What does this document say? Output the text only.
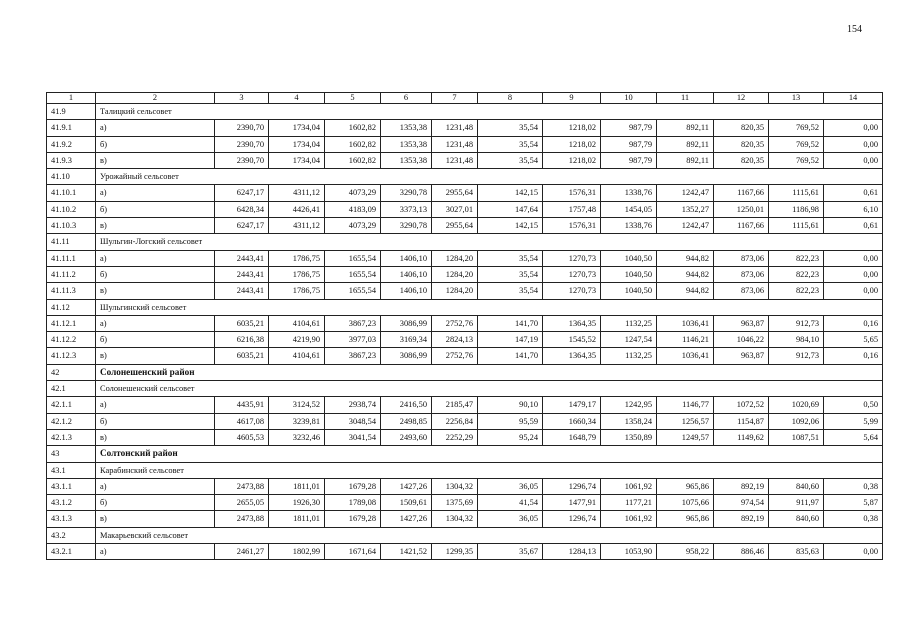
154
1	2	3	4	5	6	7	8	9	10	11	12	13	14
41.9	Талицкий сельсовет												
41.9.1	а)	2390,70	1734,04	1602,82	1353,38	1231,48	35,54	1218,02	987,79	892,11	820,35	769,52	0,00
41.9.2	б)	2390,70	1734,04	1602,82	1353,38	1231,48	35,54	1218,02	987,79	892,11	820,35	769,52	0,00
41.9.3	в)	2390,70	1734,04	1602,82	1353,38	1231,48	35,54	1218,02	987,79	892,11	820,35	769,52	0,00
41.10	Урожайный сельсовет												
41.10.1	а)	6247,17	4311,12	4073,29	3290,78	2955,64	142,15	1576,31	1338,76	1242,47	1167,66	1115,61	0,61
41.10.2	б)	6428,34	4426,41	4183,09	3373,13	3027,01	147,64	1757,48	1454,05	1352,27	1250,01	1186,98	6,10
41.10.3	в)	6247,17	4311,12	4073,29	3290,78	2955,64	142,15	1576,31	1338,76	1242,47	1167,66	1115,61	0,61
41.11	Шульгин-Логский сельсовет												
41.11.1	а)	2443,41	1786,75	1655,54	1406,10	1284,20	35,54	1270,73	1040,50	944,82	873,06	822,23	0,00
41.11.2	б)	2443,41	1786,75	1655,54	1406,10	1284,20	35,54	1270,73	1040,50	944,82	873,06	822,23	0,00
41.11.3	в)	2443,41	1786,75	1655,54	1406,10	1284,20	35,54	1270,73	1040,50	944,82	873,06	822,23	0,00
41.12	Шульгинский сельсовет												
41.12.1	а)	6035,21	4104,61	3867,23	3086,99	2752,76	141,70	1364,35	1132,25	1036,41	963,87	912,73	0,16
41.12.2	б)	6216,38	4219,90	3977,03	3169,34	2824,13	147,19	1545,52	1247,54	1146,21	1046,22	984,10	5,65
41.12.3	в)	6035,21	4104,61	3867,23	3086,99	2752,76	141,70	1364,35	1132,25	1036,41	963,87	912,73	0,16
42	Солонешенский район												
42.1	Солонешенский сельсовет												
42.1.1	а)	4435,91	3124,52	2938,74	2416,50	2185,47	90,10	1479,17	1242,95	1146,77	1072,52	1020,69	0,50
42.1.2	б)	4617,08	3239,81	3048,54	2498,85	2256,84	95,59	1660,34	1358,24	1256,57	1154,87	1092,06	5,99
42.1.3	в)	4605,53	3232,46	3041,54	2493,60	2252,29	95,24	1648,79	1350,89	1249,57	1149,62	1087,51	5,64
43	Солтонский район												
43.1	Карабинский сельсовет												
43.1.1	а)	2473,88	1811,01	1679,28	1427,26	1304,32	36,05	1296,74	1061,92	965,86	892,19	840,60	0,38
43.1.2	б)	2655,05	1926,30	1789,08	1509,61	1375,69	41,54	1477,91	1177,21	1075,66	974,54	911,97	5,87
43.1.3	в)	2473,88	1811,01	1679,28	1427,26	1304,32	36,05	1296,74	1061,92	965,86	892,19	840,60	0,38
43.2	Макарьевский сельсовет												
43.2.1	а)	2461,27	1802,99	1671,64	1421,52	1299,35	35,67	1284,13	1053,90	958,22	886,46	835,63	0,00
